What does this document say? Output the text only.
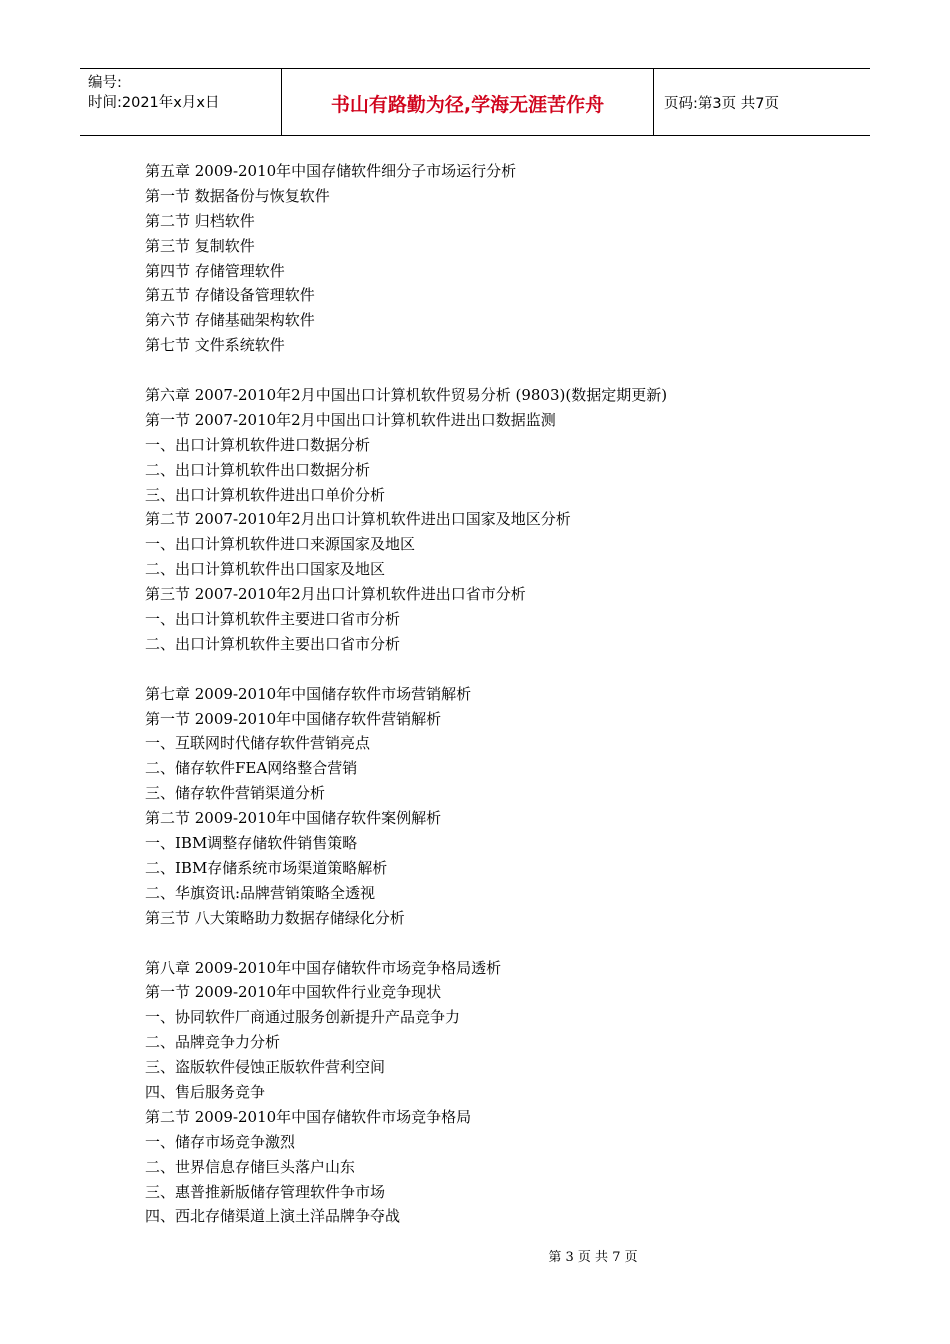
编号:
时间:2021年x月x日	书山有路勤为径,学海无涯苦作舟	页码:第3页 共7页
第五章 2009-2010年中国存储软件细分子市场运行分析
第一节 数据备份与恢复软件
第二节 归档软件
第三节 复制软件
第四节 存储管理软件
第五节 存储设备管理软件
第六节 存储基础架构软件
第七节 文件系统软件
第六章 2007-2010年2月中国出口计算机软件贸易分析 (9803)(数据定期更新)
第一节 2007-2010年2月中国出口计算机软件进出口数据监测
一、出口计算机软件进口数据分析
二、出口计算机软件出口数据分析
三、出口计算机软件进出口单价分析
第二节 2007-2010年2月出口计算机软件进出口国家及地区分析
一、出口计算机软件进口来源国家及地区
二、出口计算机软件出口国家及地区
第三节 2007-2010年2月出口计算机软件进出口省市分析
一、出口计算机软件主要进口省市分析
二、出口计算机软件主要出口省市分析
第七章 2009-2010年中国储存软件市场营销解析
第一节 2009-2010年中国储存软件营销解析
一、互联网时代储存软件营销亮点
二、储存软件FEA网络整合营销
三、储存软件营销渠道分析
第二节 2009-2010年中国储存软件案例解析
一、IBM调整存储软件销售策略
二、IBM存储系统市场渠道策略解析
二、华旗资讯:品牌营销策略全透视
第三节 八大策略助力数据存储绿化分析
第八章 2009-2010年中国存储软件市场竞争格局透析
第一节 2009-2010年中国软件行业竞争现状
一、协同软件厂商通过服务创新提升产品竞争力
二、品牌竞争力分析
三、盗版软件侵蚀正版软件营利空间
四、售后服务竞争
第二节 2009-2010年中国存储软件市场竞争格局
一、储存市场竞争激烈
二、世界信息存储巨头落户山东
三、惠普推新版储存管理软件争市场
四、西北存储渠道上演土洋品牌争夺战
第 3 页 共 7 页
